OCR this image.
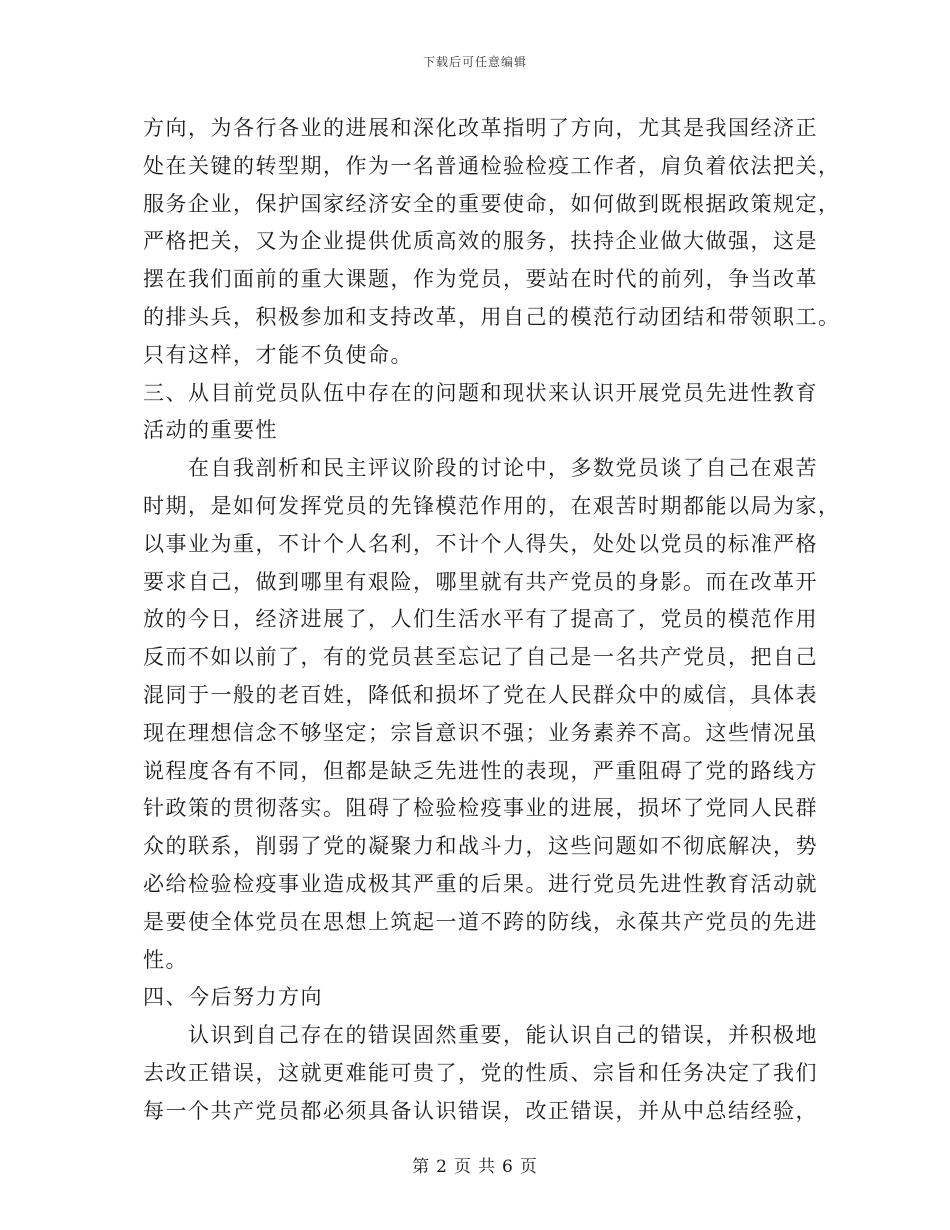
下载后可任意编辑
方向，为各行各业的进展和深化改革指明了方向，尤其是我国经济正
处在关键的转型期，作为一名普通检验检疫工作者，肩负着依法把关，
服务企业，保护国家经济安全的重要使命，如何做到既根据政策规定，
严格把关，又为企业提供优质高效的服务，扶持企业做大做强，这是
摆在我们面前的重大课题，作为党员，要站在时代的前列，争当改革
的排头兵，积极参加和支持改革，用自己的模范行动团结和带领职工。
只有这样，才能不负使命。
三、从目前党员队伍中存在的问题和现状来认识开展党员先进性教育
活动的重要性
　　在自我剖析和民主评议阶段的讨论中，多数党员谈了自己在艰苦
时期，是如何发挥党员的先锋模范作用的，在艰苦时期都能以局为家，
以事业为重，不计个人名利，不计个人得失，处处以党员的标准严格
要求自己，做到哪里有艰险，哪里就有共产党员的身影。而在改革开
放的今日，经济进展了，人们生活水平有了提高了，党员的模范作用
反而不如以前了，有的党员甚至忘记了自己是一名共产党员，把自己
混同于一般的老百姓，降低和损坏了党在人民群众中的威信，具体表
现在理想信念不够坚定；宗旨意识不强；业务素养不高。这些情况虽
说程度各有不同，但都是缺乏先进性的表现，严重阻碍了党的路线方
针政策的贯彻落实。阻碍了检验检疫事业的进展，损坏了党同人民群
众的联系，削弱了党的凝聚力和战斗力，这些问题如不彻底解决，势
必给检验检疫事业造成极其严重的后果。进行党员先进性教育活动就
是要使全体党员在思想上筑起一道不跨的防线，永葆共产党员的先进
性。
四、今后努力方向
　　认识到自己存在的错误固然重要，能认识自己的错误，并积极地
去改正错误，这就更难能可贵了，党的性质、宗旨和任务决定了我们
每一个共产党员都必须具备认识错误，改正错误，并从中总结经验，
第 2 页 共 6 页
